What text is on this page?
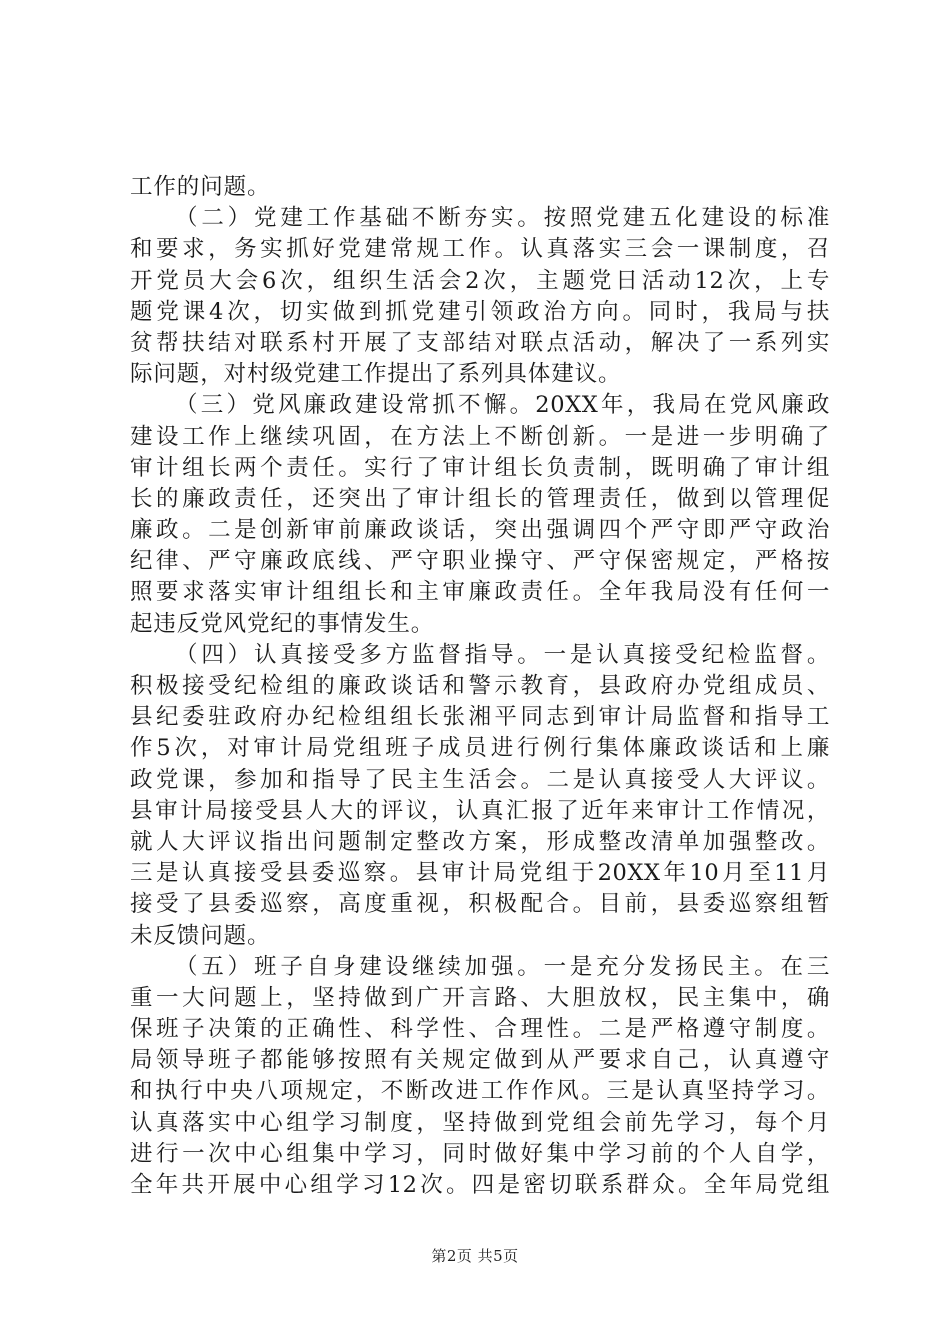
工作的问题。
（二）党建工作基础不断夯实。按照党建五化建设的标准
和要求，务实抓好党建常规工作。认真落实三会一课制度，召
开党员大会6次，组织生活会2次，主题党日活动12次，上专
题党课4次，切实做到抓党建引领政治方向。同时，我局与扶
贫帮扶结对联系村开展了支部结对联点活动，解决了一系列实
际问题，对村级党建工作提出了系列具体建议。
（三）党风廉政建设常抓不懈。20XX年，我局在党风廉政
建设工作上继续巩固，在方法上不断创新。一是进一步明确了
审计组长两个责任。实行了审计组长负责制，既明确了审计组
长的廉政责任，还突出了审计组长的管理责任，做到以管理促
廉政。二是创新审前廉政谈话，突出强调四个严守即严守政治
纪律、严守廉政底线、严守职业操守、严守保密规定，严格按
照要求落实审计组组长和主审廉政责任。全年我局没有任何一
起违反党风党纪的事情发生。
（四）认真接受多方监督指导。一是认真接受纪检监督。
积极接受纪检组的廉政谈话和警示教育，县政府办党组成员、
县纪委驻政府办纪检组组长张湘平同志到审计局监督和指导工
作5次，对审计局党组班子成员进行例行集体廉政谈话和上廉
政党课，参加和指导了民主生活会。二是认真接受人大评议。
县审计局接受县人大的评议，认真汇报了近年来审计工作情况，
就人大评议指出问题制定整改方案，形成整改清单加强整改。
三是认真接受县委巡察。县审计局党组于20XX年10月至11月
接受了县委巡察，高度重视，积极配合。目前，县委巡察组暂
未反馈问题。
（五）班子自身建设继续加强。一是充分发扬民主。在三
重一大问题上，坚持做到广开言路、大胆放权，民主集中，确
保班子决策的正确性、科学性、合理性。二是严格遵守制度。
局领导班子都能够按照有关规定做到从严要求自己，认真遵守
和执行中央八项规定，不断改进工作作风。三是认真坚持学习。
认真落实中心组学习制度，坚持做到党组会前先学习，每个月
进行一次中心组集中学习，同时做好集中学习前的个人自学，
全年共开展中心组学习12次。四是密切联系群众。全年局党组
第2页 共5页
